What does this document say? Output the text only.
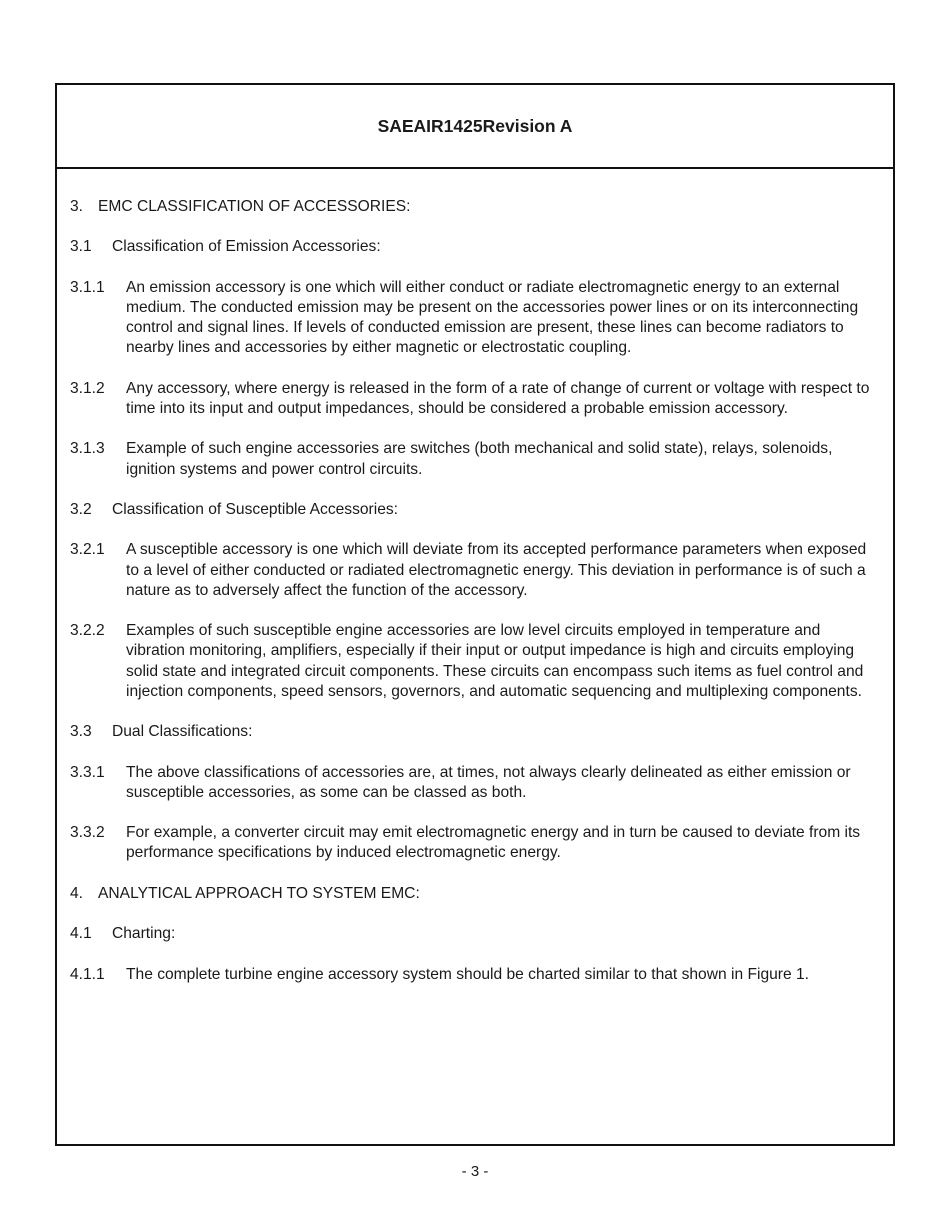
SAE AIR1425 Revision A
3. EMC CLASSIFICATION OF ACCESSORIES:
3.1	Classification of Emission Accessories:
3.1.1	An emission accessory is one which will either conduct or radiate electromagnetic energy to an external medium. The conducted emission may be present on the accessories power lines or on its interconnecting control and signal lines. If levels of conducted emission are present, these lines can become radiators to nearby lines and accessories by either magnetic or electrostatic coupling.
3.1.2	Any accessory, where energy is released in the form of a rate of change of current or voltage with respect to time into its input and output impedances, should be considered a probable emission accessory.
3.1.3	Example of such engine accessories are switches (both mechanical and solid state), relays, solenoids, ignition systems and power control circuits.
3.2	Classification of Susceptible Accessories:
3.2.1	A susceptible accessory is one which will deviate from its accepted performance parameters when exposed to a level of either conducted or radiated electromagnetic energy. This deviation in performance is of such a nature as to adversely affect the function of the accessory.
3.2.2	Examples of such susceptible engine accessories are low level circuits employed in temperature and vibration monitoring, amplifiers, especially if their input or output impedance is high and circuits employing solid state and integrated circuit components. These circuits can encompass such items as fuel control and injection components, speed sensors, governors, and automatic sequencing and multiplexing components.
3.3	Dual Classifications:
3.3.1	The above classifications of accessories are, at times, not always clearly delineated as either emission or susceptible accessories, as some can be classed as both.
3.3.2	For example, a converter circuit may emit electromagnetic energy and in turn be caused to deviate from its performance specifications by induced electromagnetic energy.
4. ANALYTICAL APPROACH TO SYSTEM EMC:
4.1	Charting:
4.1.1	The complete turbine engine accessory system should be charted similar to that shown in Figure 1.
- 3 -
